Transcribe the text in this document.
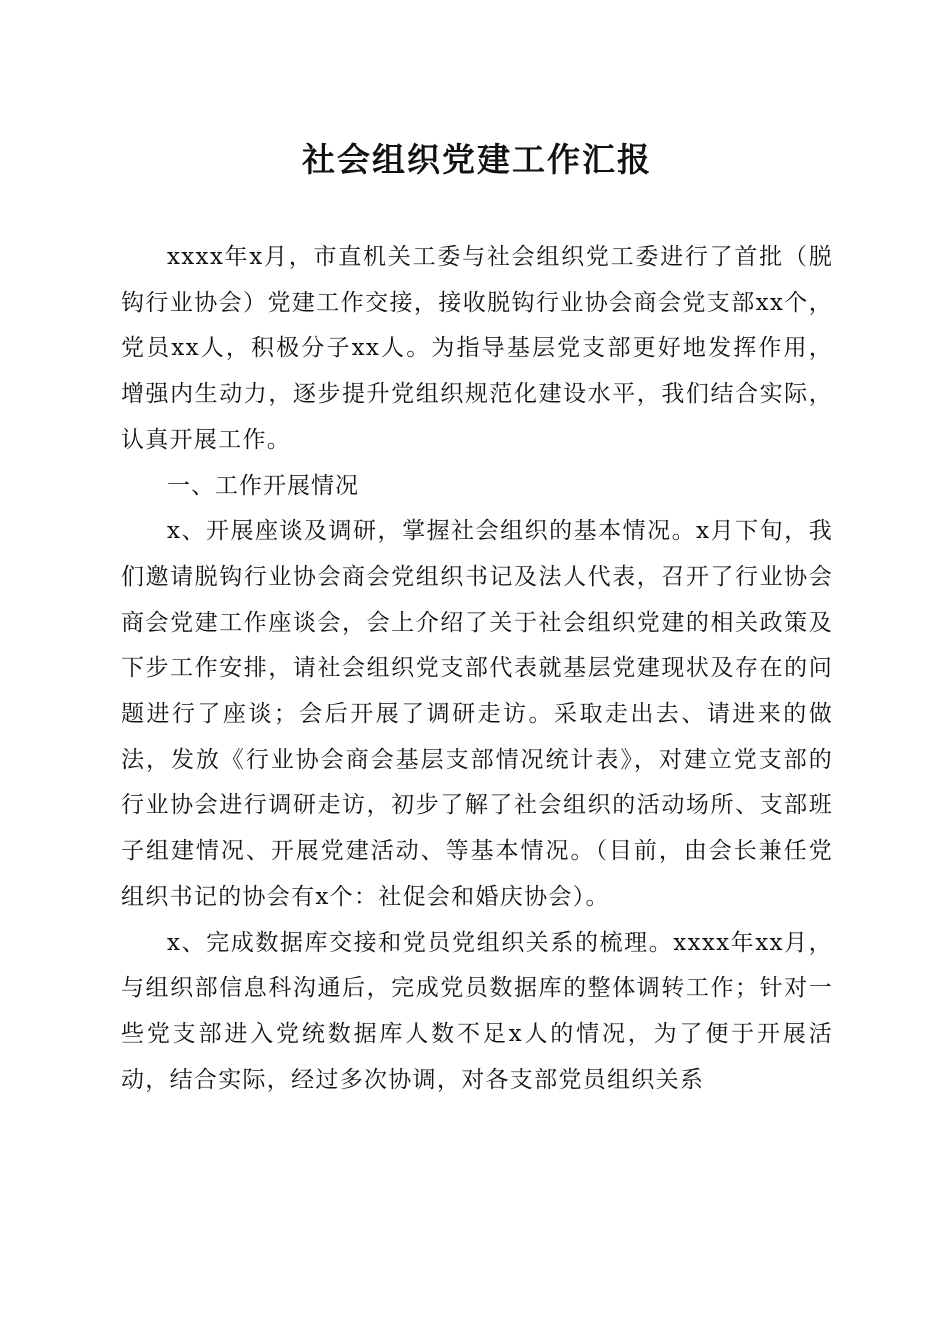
社会组织党建工作汇报

xxxx年x月，市直机关工委与社会组织党工委进行了首批（脱钩行业协会）党建工作交接，接收脱钩行业协会商会党支部xx个，党员xx人，积极分子xx人。为指导基层党支部更好地发挥作用，增强内生动力，逐步提升党组织规范化建设水平，我们结合实际，认真开展工作。

一、工作开展情况

x、开展座谈及调研，掌握社会组织的基本情况。x月下旬，我们邀请脱钩行业协会商会党组织书记及法人代表，召开了行业协会商会党建工作座谈会，会上介绍了关于社会组织党建的相关政策及下步工作安排，请社会组织党支部代表就基层党建现状及存在的问题进行了座谈；会后开展了调研走访。采取走出去、请进来的做法，发放《行业协会商会基层支部情况统计表》，对建立党支部的行业协会进行调研走访，初步了解了社会组织的活动场所、支部班子组建情况、开展党建活动、等基本情况。（目前，由会长兼任党组织书记的协会有x个：社促会和婚庆协会）。

x、完成数据库交接和党员党组织关系的梳理。xxxx年xx月，与组织部信息科沟通后，完成党员数据库的整体调转工作；针对一些党支部进入党统数据库人数不足x人的情况，为了便于开展活动，结合实际，经过多次协调，对各支部党员组织关系
